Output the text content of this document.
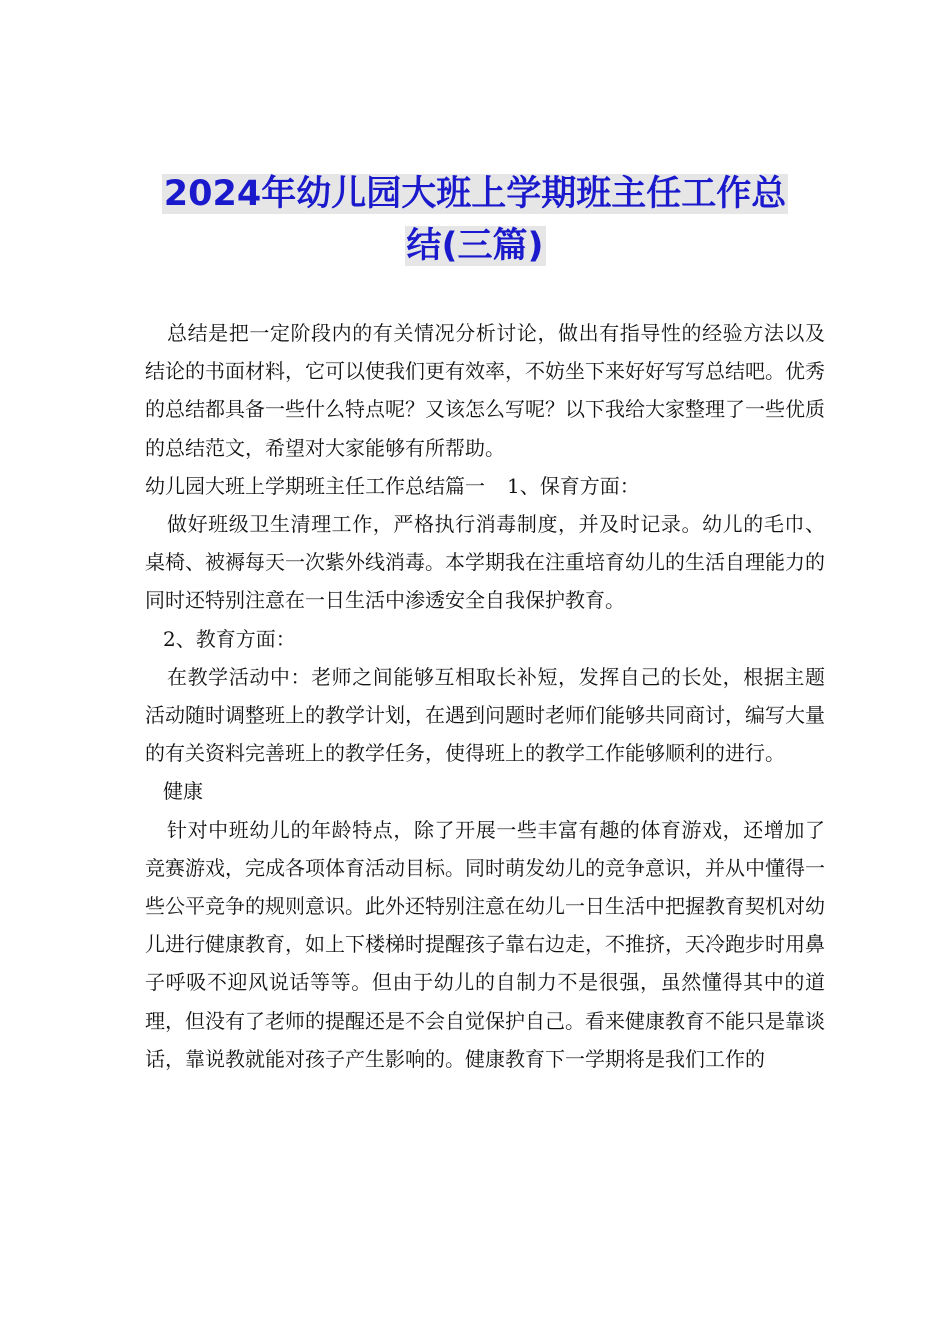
2024年幼儿园大班上学期班主任工作总
结(三篇)

总结是把一定阶段内的有关情况分析讨论，做出有指导性的经验方法以及结论的书面材料，它可以使我们更有效率，不妨坐下来好好写写总结吧。优秀的总结都具备一些什么特点呢？又该怎么写呢？以下我给大家整理了一些优质的总结范文，希望对大家能够有所帮助。

幼儿园大班上学期班主任工作总结篇一 1、保育方面：

做好班级卫生清理工作，严格执行消毒制度，并及时记录。幼儿的毛巾、桌椅、被褥每天一次紫外线消毒。本学期我在注重培育幼儿的生活自理能力的同时还特别注意在一日生活中渗透安全自我保护教育。

2、教育方面：

在教学活动中：老师之间能够互相取长补短，发挥自己的长处，根据主题活动随时调整班上的教学计划，在遇到问题时老师们能够共同商讨，编写大量的有关资料完善班上的教学任务，使得班上的教学工作能够顺利的进行。

健康

针对中班幼儿的年龄特点，除了开展一些丰富有趣的体育游戏，还增加了竞赛游戏，完成各项体育活动目标。同时萌发幼儿的竞争意识，并从中懂得一些公平竞争的规则意识。此外还特别注意在幼儿一日生活中把握教育契机对幼儿进行健康教育，如上下楼梯时提醒孩子靠右边走，不推挤，天冷跑步时用鼻子呼吸不迎风说话等等。但由于幼儿的自制力不是很强，虽然懂得其中的道理，但没有了老师的提醒还是不会自觉保护自己。看来健康教育不能只是靠谈话，靠说教就能对孩子产生影响的。健康教育下一学期将是我们工作的
